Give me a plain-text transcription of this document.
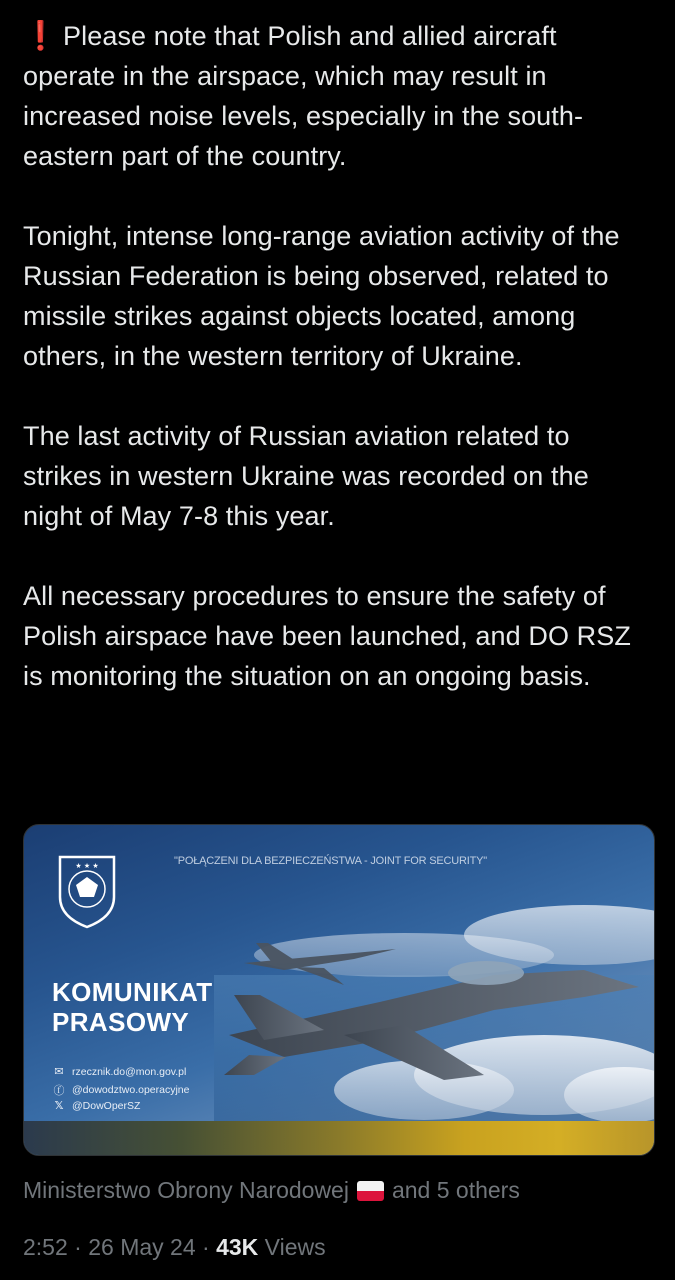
❗ Please note that Polish and allied aircraft operate in the airspace, which may result in increased noise levels, especially in the south-eastern part of the country.

Tonight, intense long-range aviation activity of the Russian Federation is being observed, related to missile strikes against objects located, among others, in the western territory of Ukraine.

The last activity of Russian aviation related to strikes in western Ukraine was recorded on the night of May 7-8 this year.

All necessary procedures to ensure the safety of Polish airspace have been launched, and DO RSZ is monitoring the situation on an ongoing basis.

★ ★ ★	"POŁĄCZENI DLA BEZPIECZEŃSTWA - JOINT FOR SECURITY"
KOMUNIKAT
PRASOWY
✉ rzecznik.do@mon.gov.pl
ⓕ @dowodztwo.operacyjne
𝕏 @DowOperSZ
Ministerstwo Obrony Narodowej and 5 others
2:52 · 26 May 24 · 43K Views
